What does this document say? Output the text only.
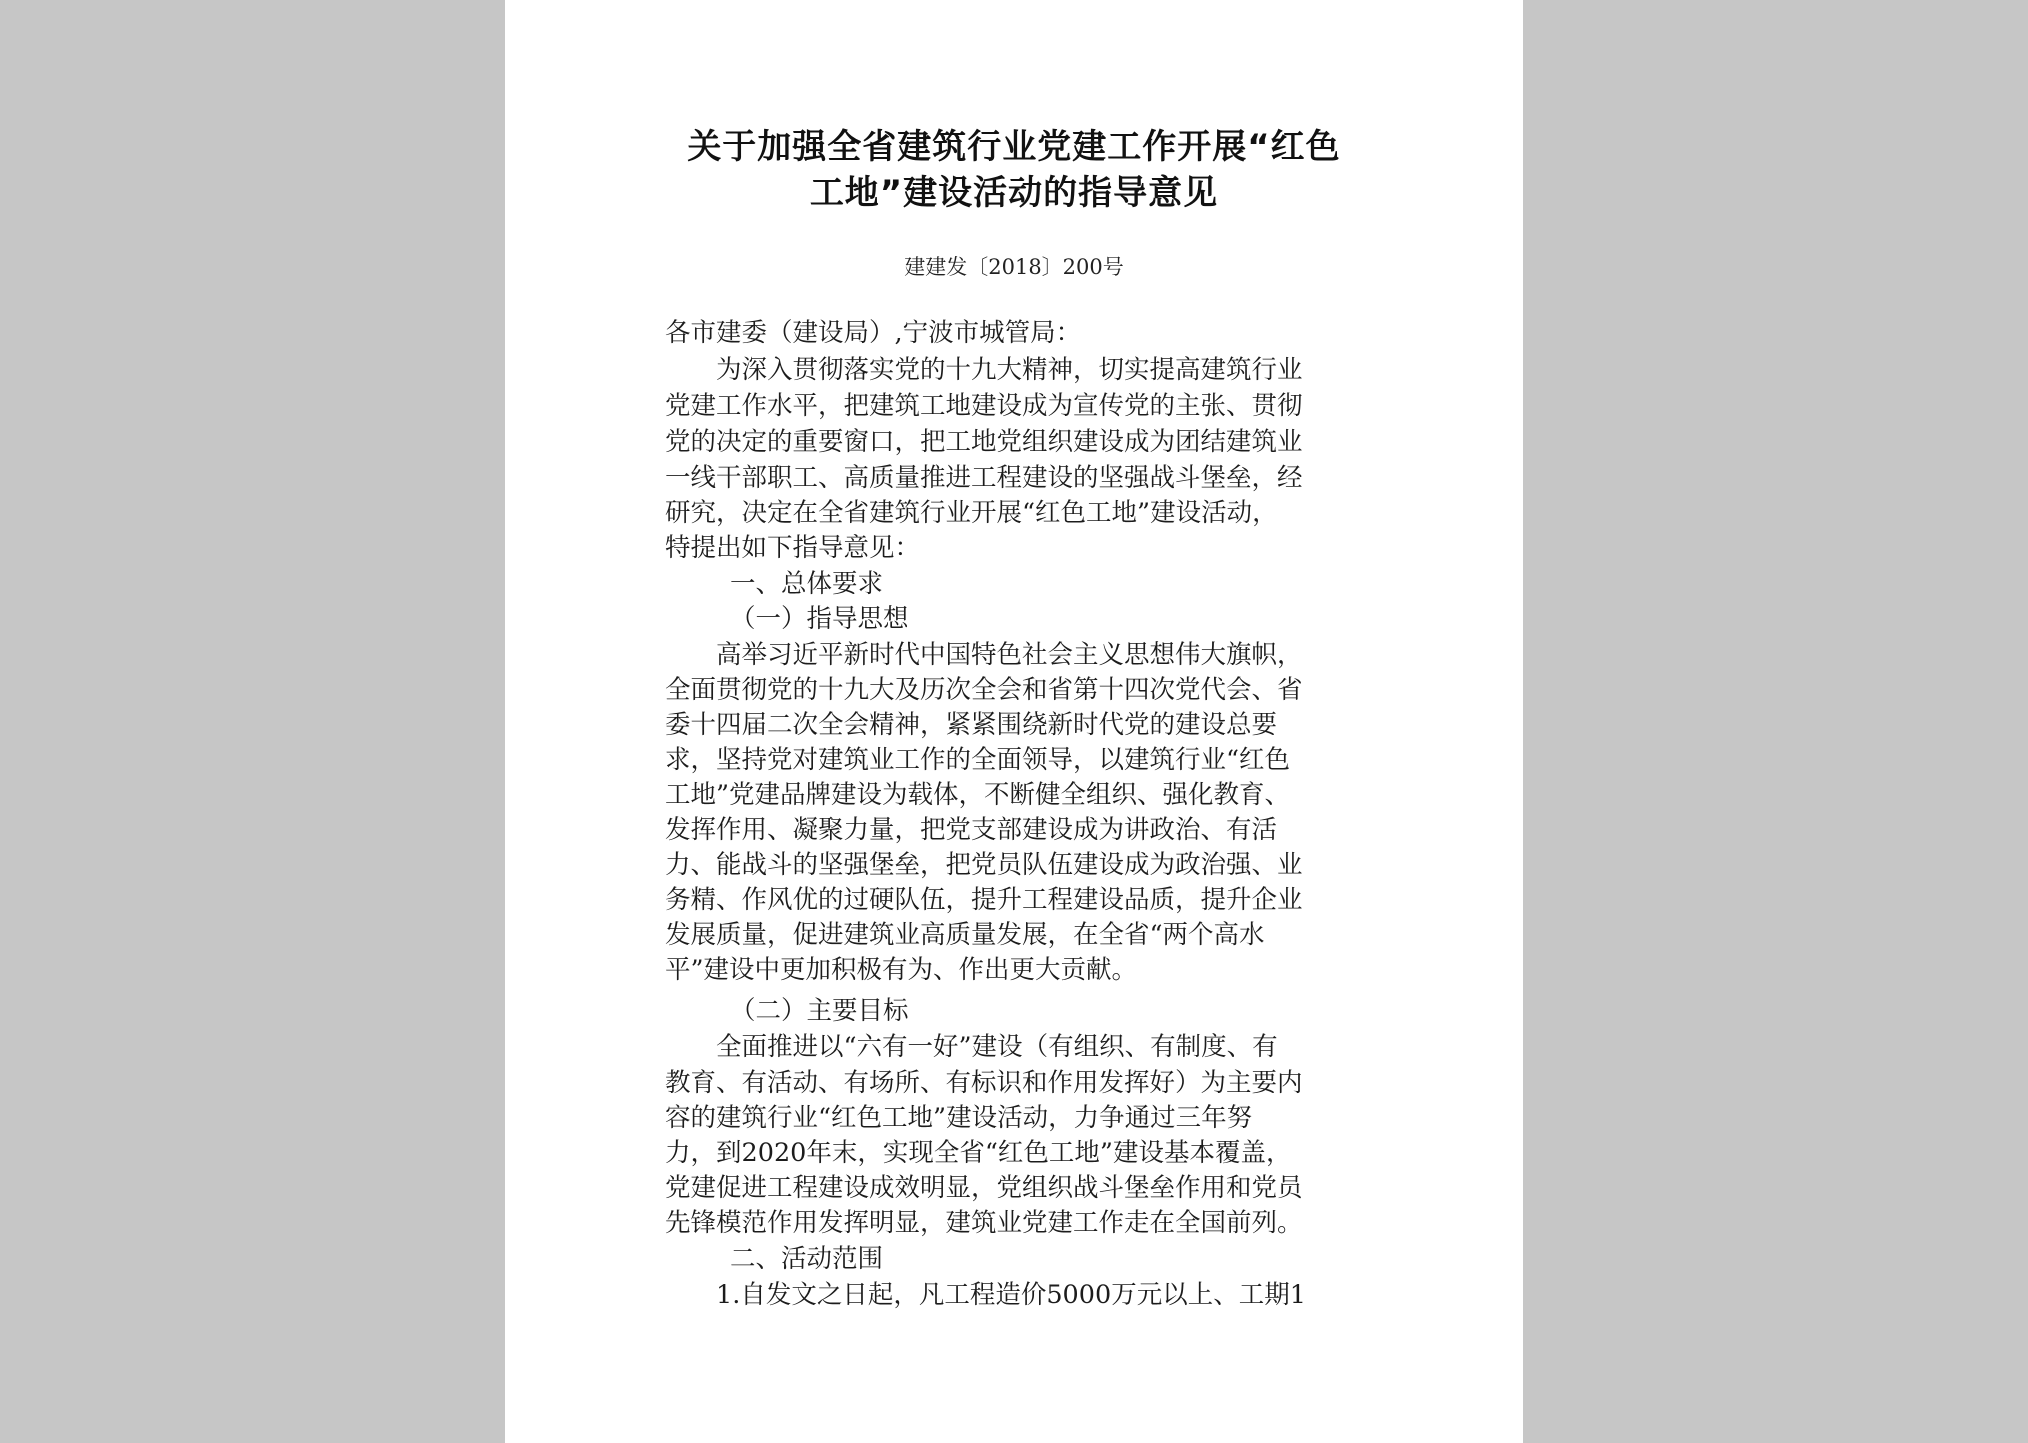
关于加强全省建筑行业党建工作开展“红色
工地”建设活动的指导意见
建建发〔2018〕200号
各市建委（建设局）,宁波市城管局：
为深入贯彻落实党的十九大精神，切实提高建筑行业
党建工作水平，把建筑工地建设成为宣传党的主张、贯彻
党的决定的重要窗口，把工地党组织建设成为团结建筑业
一线干部职工、高质量推进工程建设的坚强战斗堡垒，经
研究，决定在全省建筑行业开展“红色工地”建设活动，
特提出如下指导意见：
一、总体要求
（一）指导思想
高举习近平新时代中国特色社会主义思想伟大旗帜，
全面贯彻党的十九大及历次全会和省第十四次党代会、省
委十四届二次全会精神，紧紧围绕新时代党的建设总要
求，坚持党对建筑业工作的全面领导，以建筑行业“红色
工地”党建品牌建设为载体，不断健全组织、强化教育、
发挥作用、凝聚力量，把党支部建设成为讲政治、有活
力、能战斗的坚强堡垒，把党员队伍建设成为政治强、业
务精、作风优的过硬队伍，提升工程建设品质，提升企业
发展质量，促进建筑业高质量发展，在全省“两个高水
平”建设中更加积极有为、作出更大贡献。
（二）主要目标
全面推进以“六有一好”建设（有组织、有制度、有
教育、有活动、有场所、有标识和作用发挥好）为主要内
容的建筑行业“红色工地”建设活动，力争通过三年努
力，到2020年末，实现全省“红色工地”建设基本覆盖，
党建促进工程建设成效明显，党组织战斗堡垒作用和党员
先锋模范作用发挥明显，建筑业党建工作走在全国前列。
二、活动范围
1.自发文之日起，凡工程造价5000万元以上、工期1
